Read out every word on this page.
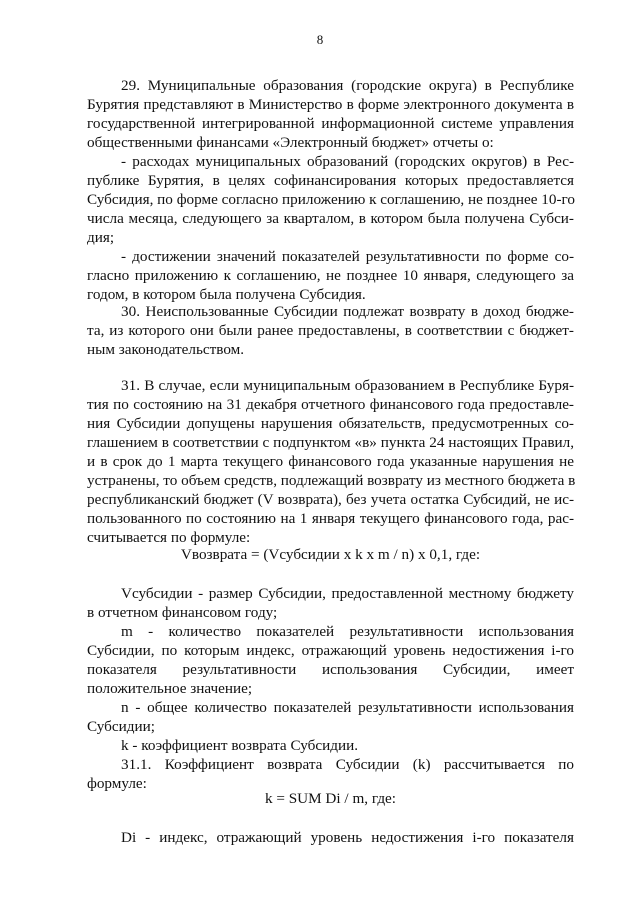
8
29. Муниципальные образования (городские округа) в Республике
Бурятия представляют в Министерство в форме электронного документа в
государственной интегрированной информационной системе управления
общественными финансами «Электронный бюджет» отчеты о:
- расходах муниципальных образований (городских округов) в Рес-
публике Бурятия, в целях софинансирования которых предоставляется
Субсидия, по форме согласно приложению к соглашению, не позднее 10-го
числа месяца, следующего за кварталом, в котором была получена Субси-
дия;
- достижении значений показателей результативности по форме со-
гласно приложению к соглашению, не позднее 10 января, следующего за
годом, в котором была получена Субсидия.
30. Неиспользованные Субсидии подлежат возврату в доход бюдже-
та, из которого они были ранее предоставлены, в соответствии с бюджет-
ным законодательством.
31. В случае, если муниципальным образованием в Республике Буря-
тия по состоянию на 31 декабря отчетного финансового года предоставле-
ния Субсидии допущены нарушения обязательств, предусмотренных со-
глашением в соответствии с подпунктом «в» пункта 24 настоящих Правил,
и в срок до 1 марта текущего финансового года указанные нарушения не
устранены, то объем средств, подлежащий возврату из местного бюджета в
республиканский бюджет (V возврата), без учета остатка Субсидий, не ис-
пользованного по состоянию на 1 января текущего финансового года, рас-
считывается по формуле:
Vсубсидии - размер Субсидии, предоставленной местному бюджету
в отчетном финансовом году;
m - количество показателей результативности использования
Субсидии, по которым индекс, отражающий уровень недостижения i-го
показателя результативности использования Субсидии, имеет
положительное значение;
n - общее количество показателей результативности использования
Субсидии;
k - коэффициент возврата Субсидии.
31.1. Коэффициент возврата Субсидии (k) рассчитывается по
формуле:
Di - индекс, отражающий уровень недостижения i-го показателя
Vвозврата = (Vсубсидии x k x m / n) x 0,1, где:
k = SUM Di / m, где:
